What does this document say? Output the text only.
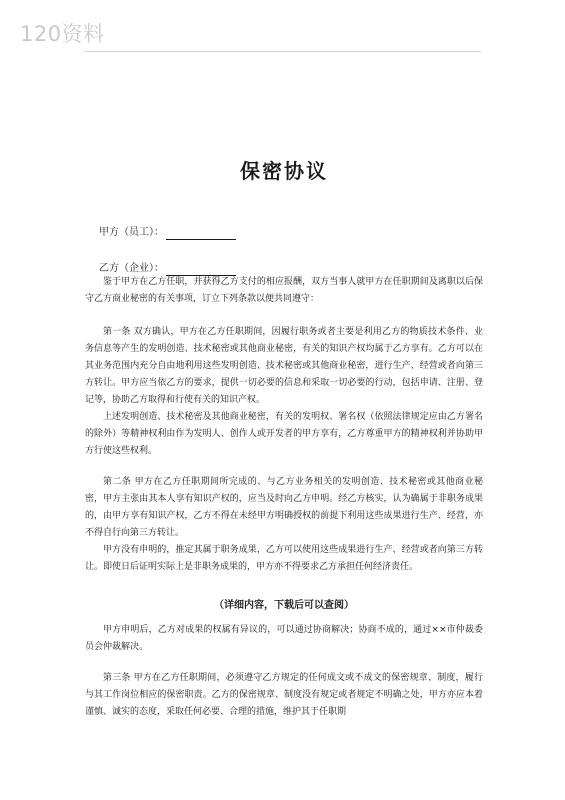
120资料
保密协议
甲方（员工）：
乙方（企业）：

鉴于甲方在乙方任职，并获得乙方支付的相应报酬，双方当事人就甲方在任职期间及离职以后保守乙方商业秘密的有关事项，订立下列条款以便共同遵守：

第一条 双方确认，甲方在乙方任职期间，因履行职务或者主要是利用乙方的物质技术条件、业务信息等产生的发明创造、技术秘密或其他商业秘密，有关的知识产权均属于乙方享有。乙方可以在其业务范围内充分自由地利用这些发明创造、技术秘密或其他商业秘密，进行生产、经营或者向第三方转让。甲方应当依乙方的要求，提供一切必要的信息和采取一切必要的行动，包括申请、注册、登记等，协助乙方取得和行使有关的知识产权。

上述发明创造、技术秘密及其他商业秘密，有关的发明权、署名权（依照法律规定应由乙方署名的除外）等精神权利由作为发明人、创作人或开发者的甲方享有，乙方尊重甲方的精神权利并协助甲方行使这些权利。

第二条 甲方在乙方任职期间所完成的、与乙方业务相关的发明创造、技术秘密或其他商业秘密，甲方主张由其本人享有知识产权的，应当及时向乙方申明。经乙方核实，认为确属于非职务成果的，由甲方享有知识产权，乙方不得在未经甲方明确授权的前提下利用这些成果进行生产、经营，亦不得自行向第三方转让。

甲方没有申明的，推定其属于职务成果，乙方可以使用这些成果进行生产、经营或者向第三方转让。即使日后证明实际上是非职务成果的，甲方亦不得要求乙方承担任何经济责任。

（详细内容，下载后可以查阅）

甲方申明后，乙方对成果的权属有异议的，可以通过协商解决；协商不成的，通过××市仲裁委员会仲裁解决。

第三条 甲方在乙方任职期间，必须遵守乙方规定的任何成文或不成文的保密规章、制度，履行与其工作岗位相应的保密职责。乙方的保密规章、制度没有规定或者规定不明确之处，甲方亦应本着谨慎、诚实的态度，采取任何必要、合理的措施，维护其于任职期
